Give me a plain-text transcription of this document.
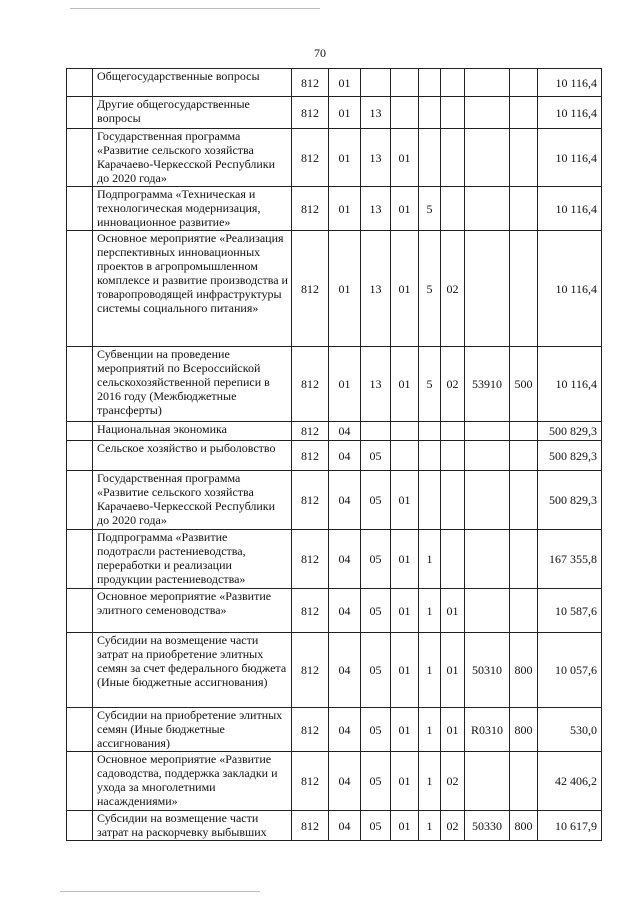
70
	Общегосударственные вопросы	812	01							10 116,4
	Другие общегосударственные вопросы	812	01	13						10 116,4
	Государственная программа «Развитие сельского хозяйства Карачаево-Черкесской Республики до 2020 года»	812	01	13	01					10 116,4
	Подпрограмма «Техническая и технологическая модернизация, инновационное развитие»	812	01	13	01	5				10 116,4
	Основное мероприятие «Реализация перспективных инновационных проектов в агропромышленном комплексе и развитие производства и товаропроводящей инфраструктуры системы социального питания»	812	01	13	01	5	02			10 116,4
	Субвенции на проведение мероприятий по Всероссийской сельскохозяйственной переписи в 2016 году (Межбюджетные трансферты)	812	01	13	01	5	02	53910	500	10 116,4
	Национальная экономика	812	04							500 829,3
	Сельское хозяйство и рыболовство	812	04	05						500 829,3
	Государственная программа «Развитие сельского хозяйства Карачаево-Черкесской Республики до 2020 года»	812	04	05	01					500 829,3
	Подпрограмма «Развитие подотрасли растениеводства, переработки и реализации продукции растениеводства»	812	04	05	01	1				167 355,8
	Основное мероприятие «Развитие элитного семеноводства»	812	04	05	01	1	01			10 587,6
	Субсидии на возмещение части затрат на приобретение элитных семян за счет федерального бюджета (Иные бюджетные ассигнования)	812	04	05	01	1	01	50310	800	10 057,6
	Субсидии на приобретение элитных семян (Иные бюджетные ассигнования)	812	04	05	01	1	01	R0310	800	530,0
	Основное мероприятие «Развитие садоводства, поддержка закладки и ухода за многолетними насаждениями»	812	04	05	01	1	02			42 406,2
	Субсидии на возмещение части затрат на раскорчевку выбывших	812	04	05	01	1	02	50330	800	10 617,9
